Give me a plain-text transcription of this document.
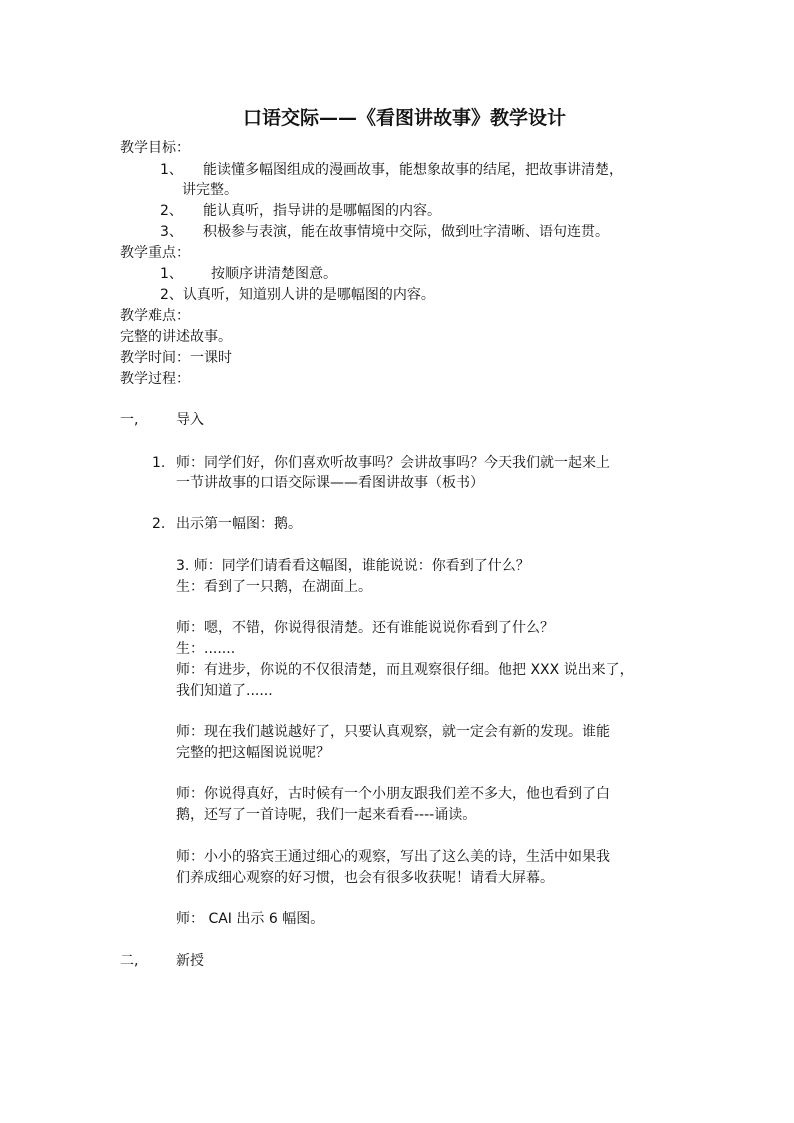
口语交际——《看图讲故事》教学设计
教学目标：
1、 能读懂多幅图组成的漫画故事，能想象故事的结尾，把故事讲清楚，
讲完整。
2、 能认真听，指导讲的是哪幅图的内容。
3、 积极参与表演，能在故事情境中交际，做到吐字清晰、语句连贯。
教学重点：
1、 按顺序讲清楚图意。
2、认真听，知道别人讲的是哪幅图的内容。
教学难点：
完整的讲述故事。
教学时间：一课时
教学过程：
一,	导入
1. 师：同学们好，你们喜欢听故事吗？会讲故事吗？今天我们就一起来上
一节讲故事的口语交际课——看图讲故事（板书）
2. 出示第一幅图：鹅。
3. 师：同学们请看看这幅图，谁能说说：你看到了什么？
生：看到了一只鹅，在湖面上。
师：嗯，不错，你说得很清楚。还有谁能说说你看到了什么？
生：.......
师：有进步，你说的不仅很清楚，而且观察很仔细。他把 XXX 说出来了，
我们知道了......
师：现在我们越说越好了，只要认真观察，就一定会有新的发现。谁能
完整的把这幅图说说呢？
师：你说得真好，古时候有一个小朋友跟我们差不多大，他也看到了白
鹅，还写了一首诗呢，我们一起来看看----诵读。
师：小小的骆宾王通过细心的观察，写出了这么美的诗，生活中如果我
们养成细心观察的好习惯，也会有很多收获呢！请看大屏幕。
师： CAI 出示 6 幅图。
二,	新授
